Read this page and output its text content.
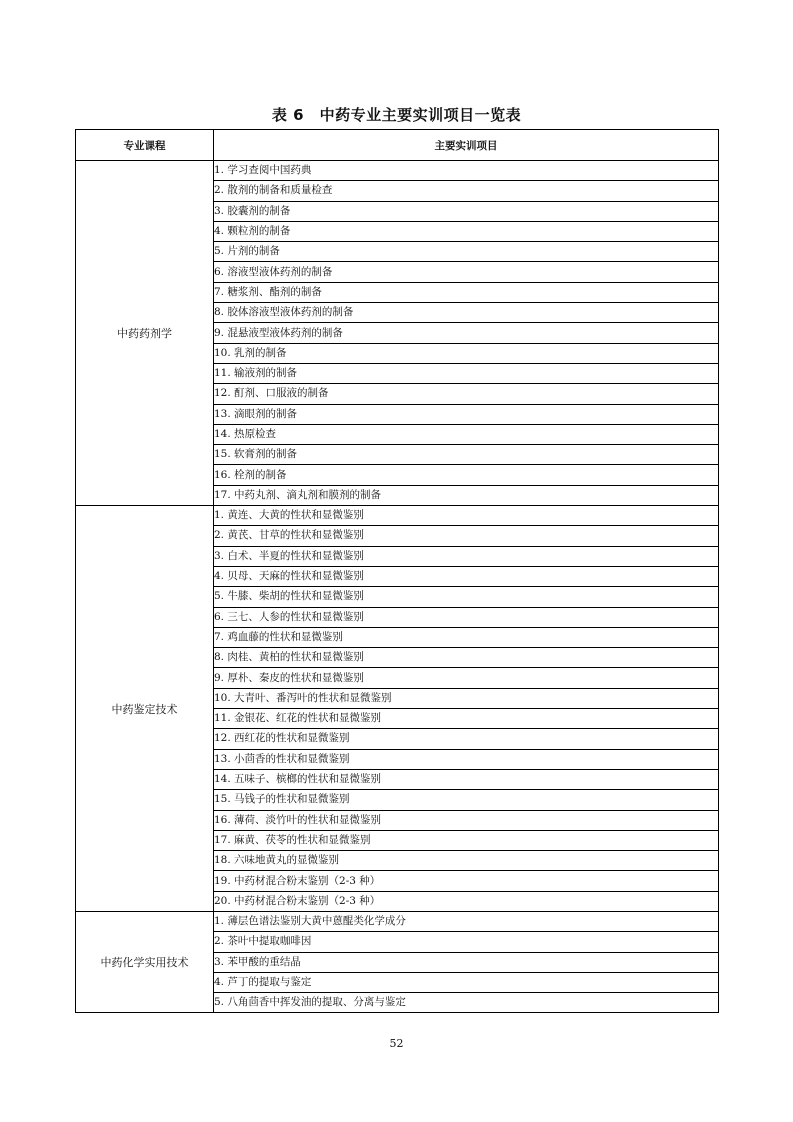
表 6　中药专业主要实训项目一览表
专业课程	主要实训项目
中药药剂学	1. 学习查阅中国药典
	2. 散剂的制备和质量检查
	3. 胶囊剂的制备
	4. 颗粒剂的制备
	5. 片剂的制备
	6. 溶液型液体药剂的制备
	7. 糖浆剂、酯剂的制备
	8. 胶体溶液型液体药剂的制备
	9. 混悬液型液体药剂的制备
	10. 乳剂的制备
	11. 输液剂的制备
	12. 酊剂、口服液的制备
	13. 滴眼剂的制备
	14. 热原检查
	15. 软膏剂的制备
	16. 栓剂的制备
	17. 中药丸剂、滴丸剂和膜剂的制备
中药鉴定技术	1. 黄连、大黄的性状和显微鉴别
	2. 黄芪、甘草的性状和显微鉴别
	3. 白术、半夏的性状和显微鉴别
	4. 贝母、天麻的性状和显微鉴别
	5. 牛膝、柴胡的性状和显微鉴别
	6. 三七、人参的性状和显微鉴别
	7. 鸡血藤的性状和显微鉴别
	8. 肉桂、黄柏的性状和显微鉴别
	9. 厚朴、秦皮的性状和显微鉴别
	10. 大青叶、番泻叶的性状和显微鉴别
	11. 金银花、红花的性状和显微鉴别
	12. 西红花的性状和显微鉴别
	13. 小茴香的性状和显微鉴别
	14. 五味子、槟榔的性状和显微鉴别
	15. 马钱子的性状和显微鉴别
	16. 薄荷、淡竹叶的性状和显微鉴别
	17. 麻黄、茯苓的性状和显微鉴别
	18. 六味地黄丸的显微鉴别
	19. 中药材混合粉末鉴别（2-3 种）
	20. 中药材混合粉末鉴别（2-3 种）
中药化学实用技术	1. 薄层色谱法鉴别大黄中蒽醌类化学成分
	2. 茶叶中提取咖啡因
	3. 苯甲酸的重结晶
	4. 芦丁的提取与鉴定
	5. 八角茴香中挥发油的提取、分离与鉴定
52
